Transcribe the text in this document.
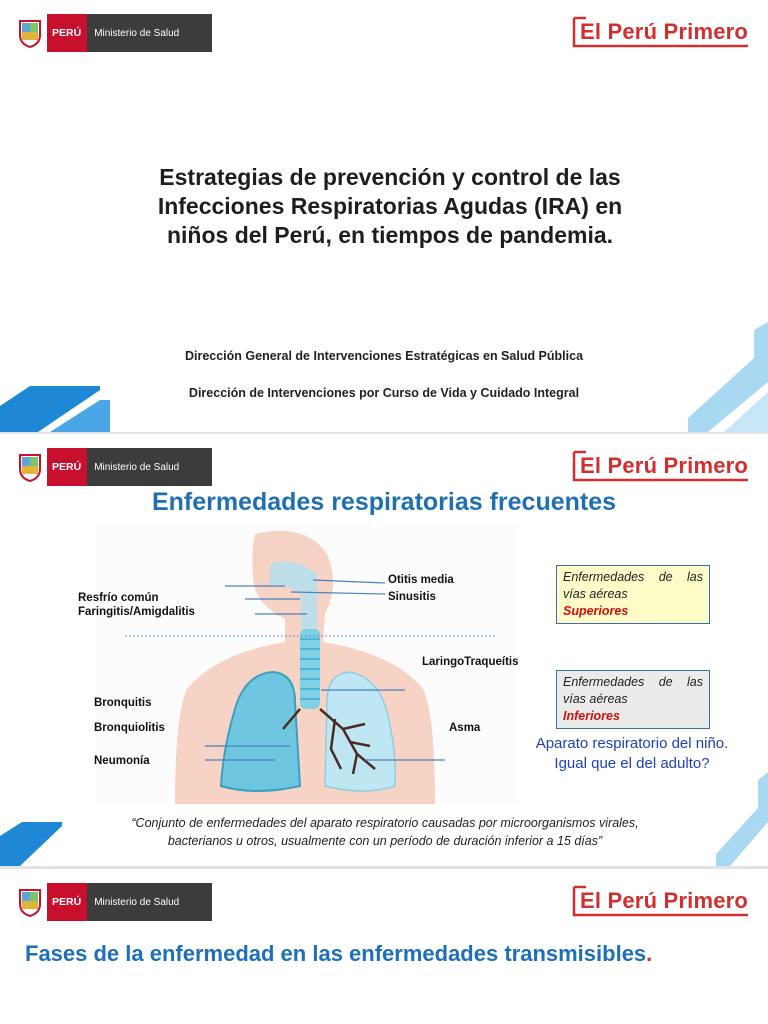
PERÚ	Ministerio de Salud	El Perú Primero
Estrategias de prevención y control de las Infecciones Respiratorias Agudas (IRA) en niños del Perú, en tiempos de pandemia.
Dirección General de Intervenciones Estratégicas en Salud Pública
Dirección de Intervenciones por Curso de Vida y Cuidado Integral
PERÚ	Ministerio de Salud	El Perú Primero
Enfermedades respiratorias frecuentes
Resfrío común
Faringitis/Amigdalitis
Bronquitis
Bronquiolitis
Neumonía
Otitis media
Sinusitis
LaringoTraqueítis
Asma
Enfermedades de las
vías aéreas
Superiores
Enfermedades de las
vías aéreas
Inferiores
Aparato respiratorio del niño.
Igual que el del adulto?
“Conjunto de enfermedades del aparato respiratorio causadas por microorganismos virales,
bacterianos u otros, usualmente con un período de duración inferior a 15 días”
PERÚ	Ministerio de Salud	El Perú Primero
Fases de la enfermedad en las enfermedades transmisibles.
